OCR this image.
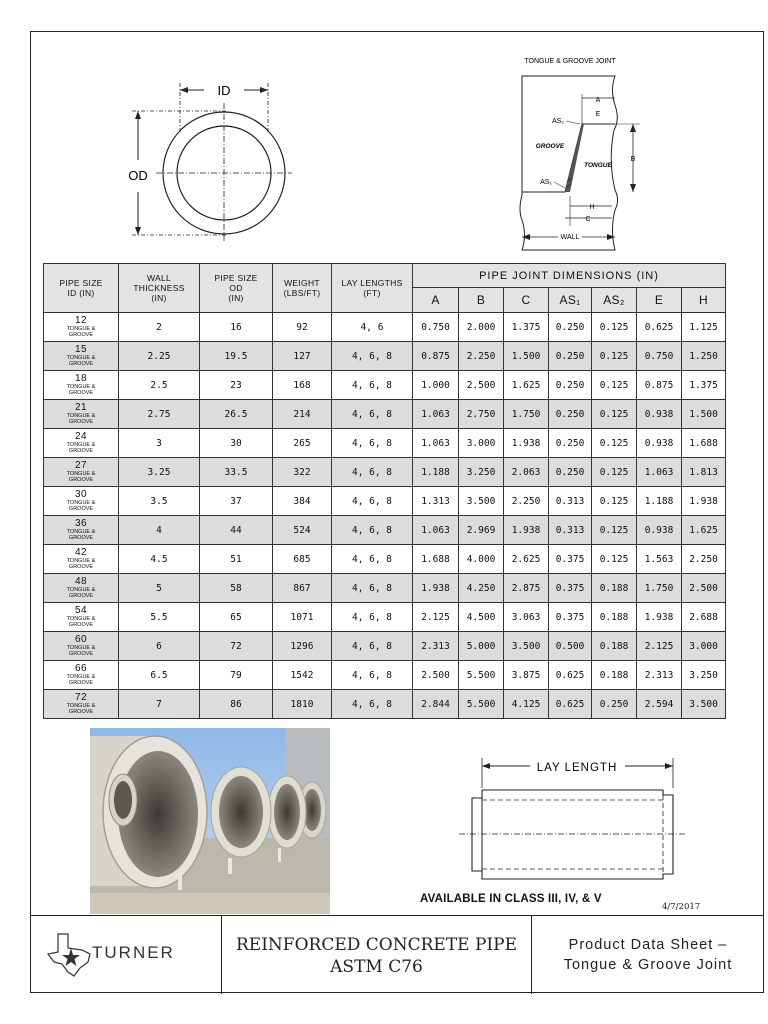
ID
OD
TONGUE & GROOVE JOINT
A
E
B
AS₂
AS₁
GROOVE
TONGUE
H
C
WALL
PIPE SIZE
ID (IN)	WALL
THICKNESS
(IN)	PIPE SIZE
OD
(IN)	WEIGHT
(LBS/FT)	LAY LENGTHS
(FT)	PIPE JOINT DIMENSIONS (IN)						
					A	B	C	AS₁	AS₂	E	H

12
TONGUE &
GROOVE	2	16	92	4, 6	0.750	2.000	1.375	0.250	0.125	0.625	1.125

15
TONGUE &
GROOVE	2.25	19.5	127	4, 6, 8	0.875	2.250	1.500	0.250	0.125	0.750	1.250

18
TONGUE &
GROOVE	2.5	23	168	4, 6, 8	1.000	2.500	1.625	0.250	0.125	0.875	1.375

21
TONGUE &
GROOVE	2.75	26.5	214	4, 6, 8	1.063	2.750	1.750	0.250	0.125	0.938	1.500

24
TONGUE &
GROOVE	3	30	265	4, 6, 8	1.063	3.000	1.938	0.250	0.125	0.938	1.688

27
TONGUE &
GROOVE	3.25	33.5	322	4, 6, 8	1.188	3.250	2.063	0.250	0.125	1.063	1.813

30
TONGUE &
GROOVE	3.5	37	384	4, 6, 8	1.313	3.500	2.250	0.313	0.125	1.188	1.938

36
TONGUE &
GROOVE	4	44	524	4, 6, 8	1.063	2.969	1.938	0.313	0.125	0.938	1.625

42
TONGUE &
GROOVE	4.5	51	685	4, 6, 8	1.688	4.000	2.625	0.375	0.125	1.563	2.250

48
TONGUE &
GROOVE	5	58	867	4, 6, 8	1.938	4.250	2.875	0.375	0.188	1.750	2.500

54
TONGUE &
GROOVE	5.5	65	1071	4, 6, 8	2.125	4.500	3.063	0.375	0.188	1.938	2.688

60
TONGUE &
GROOVE	6	72	1296	4, 6, 8	2.313	5.000	3.500	0.500	0.188	2.125	3.000

66
TONGUE &
GROOVE	6.5	79	1542	4, 6, 8	2.500	5.500	3.875	0.625	0.188	2.313	3.250

72
TONGUE &
GROOVE	7	86	1810	4, 6, 8	2.844	5.500	4.125	0.625	0.250	2.594	3.500
LAY LENGTH
AVAILABLE IN CLASS III, IV, & V
4/7/2017
TURNER	REINFORCED CONCRETE PIPE
ASTM C76
Product Data Sheet –
Tongue & Groove Joint
